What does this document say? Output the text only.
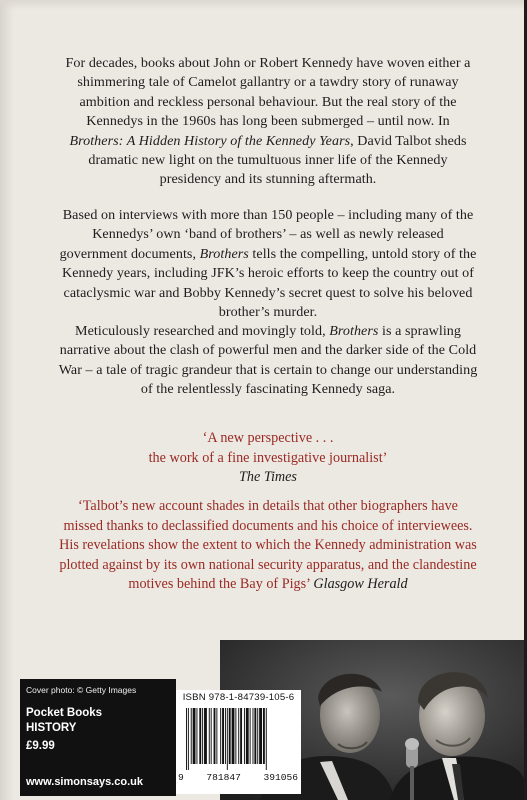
For decades, books about John or Robert Kennedy have woven either a shimmering tale of Camelot gallantry or a tawdry story of runaway ambition and reckless personal behaviour. But the real story of the Kennedys in the 1960s has long been submerged – until now. In Brothers: A Hidden History of the Kennedy Years, David Talbot sheds dramatic new light on the tumultuous inner life of the Kennedy presidency and its stunning aftermath.

Based on interviews with more than 150 people – including many of the Kennedys’ own ‘band of brothers’ – as well as newly released government documents, Brothers tells the compelling, untold story of the Kennedy years, including JFK’s heroic efforts to keep the country out of cataclysmic war and Bobby Kennedy’s secret quest to solve his beloved brother’s murder.

Meticulously researched and movingly told, Brothers is a sprawling narrative about the clash of powerful men and the darker side of the Cold War – a tale of tragic grandeur that is certain to change our understanding of the relentlessly fascinating Kennedy saga.

‘A new perspective . . .
the work of a fine investigative journalist’
The Times
‘Talbot’s new account shades in details that other biographers have missed thanks to declassified documents and his choice of interviewees. His revelations show the extent to which the Kennedy administration was plotted against by its own national security apparatus, and the clandestine motives behind the Bay of Pigs’ Glasgow Herald
Cover photo: © Getty Images
Pocket Books
HISTORY
£9.99
www.simonsays.co.uk
ISBN 978-1-84739-105-6
9 781847 391056
